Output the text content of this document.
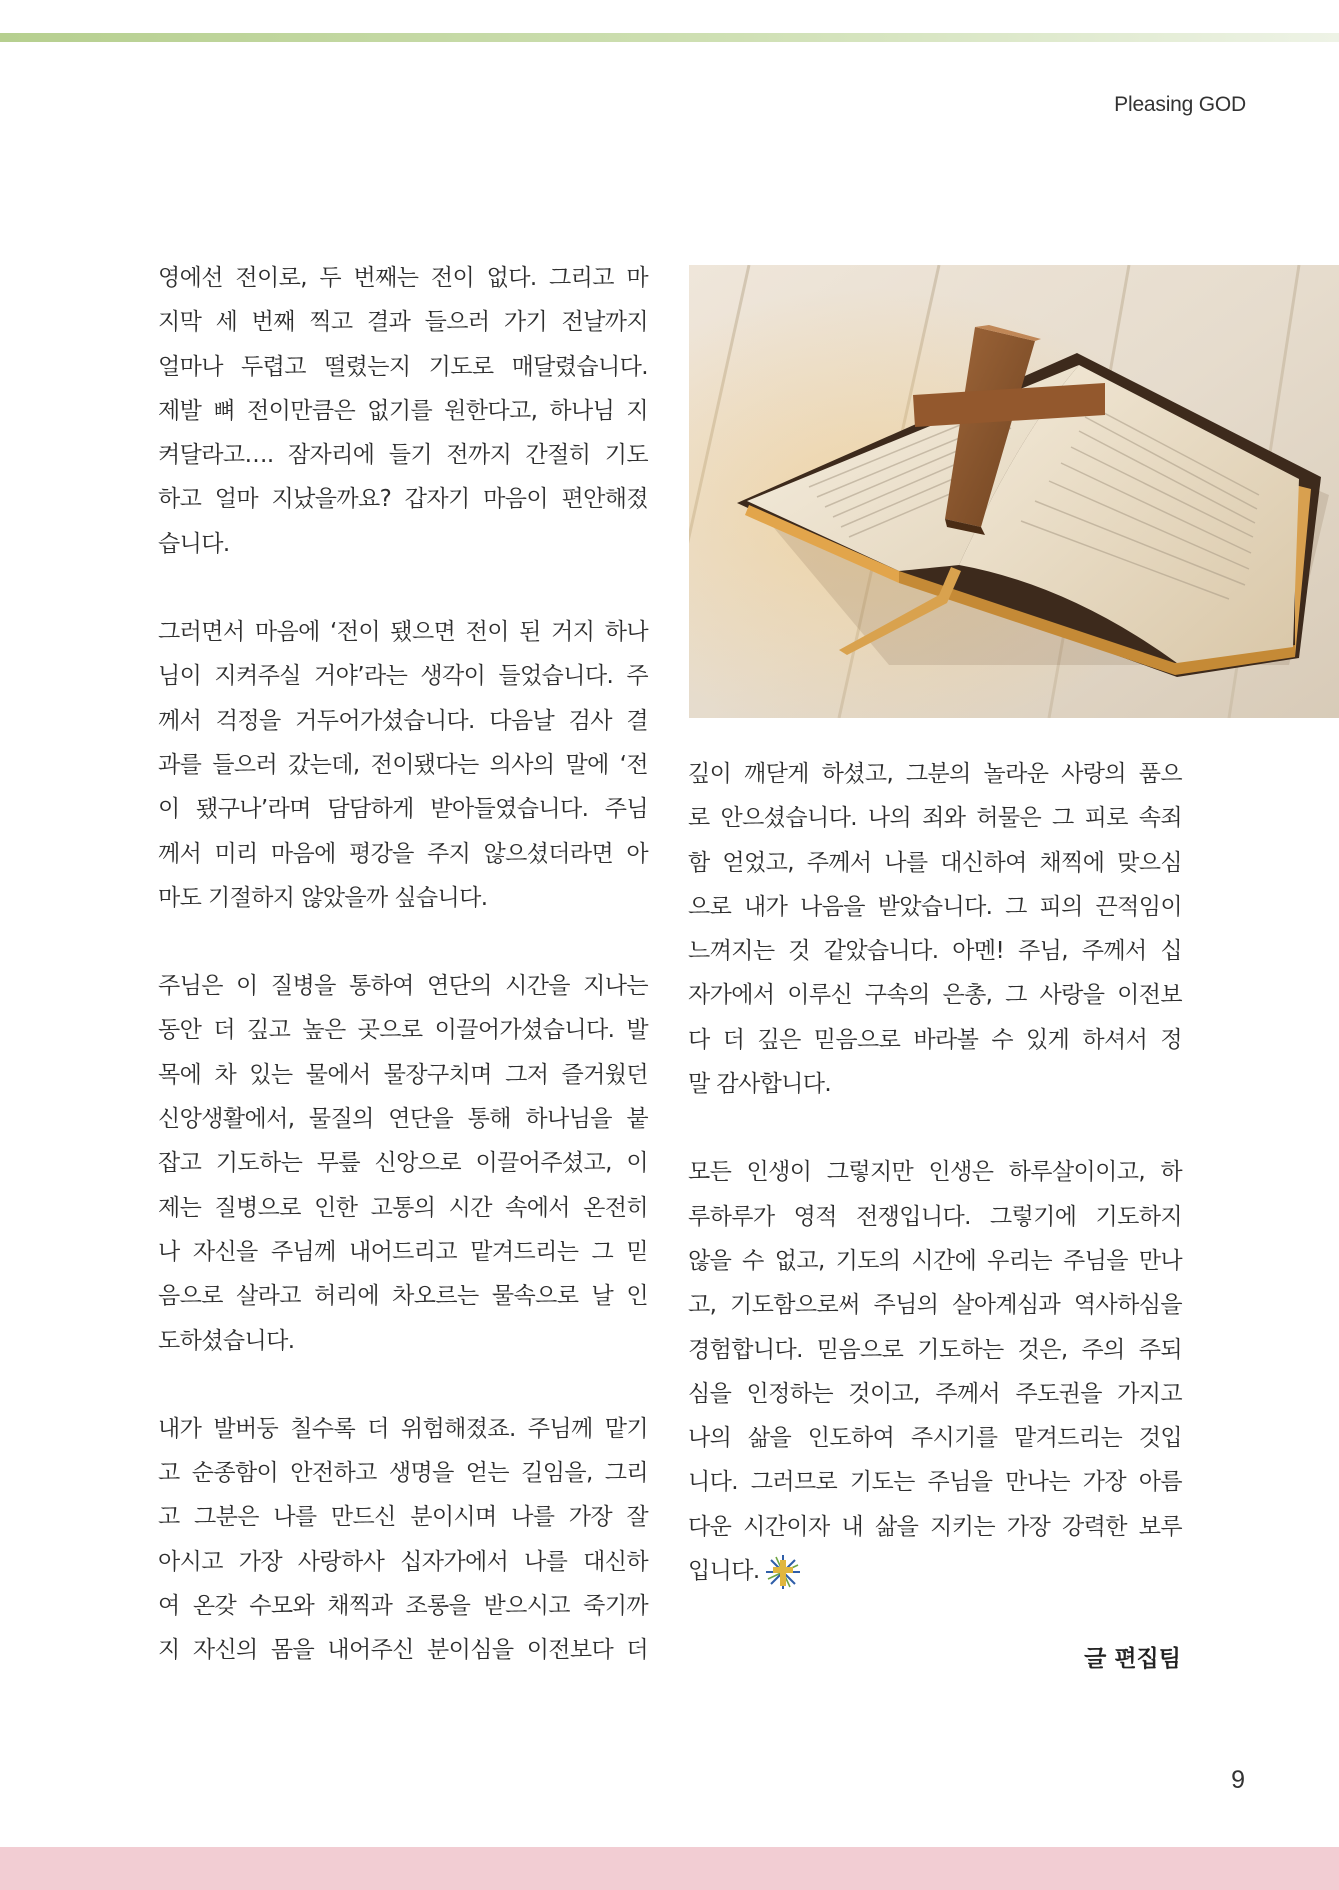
Pleasing GOD

영에선 전이로, 두 번째는 전이 없다. 그리고 마
지막 세 번째 찍고 결과 들으러 가기 전날까지
얼마나 두렵고 떨렸는지 기도로 매달렸습니다.
제발 뼈 전이만큼은 없기를 원한다고, 하나님 지
켜달라고…. 잠자리에 들기 전까지 간절히 기도
하고 얼마 지났을까요? 갑자기 마음이 편안해졌
습니다.

그러면서 마음에 ‘전이 됐으면 전이 된 거지 하나
님이 지켜주실 거야’라는 생각이 들었습니다. 주
께서 걱정을 거두어가셨습니다. 다음날 검사 결
과를 들으러 갔는데, 전이됐다는 의사의 말에 ‘전
이 됐구나’라며 담담하게 받아들였습니다. 주님
께서 미리 마음에 평강을 주지 않으셨더라면 아
마도 기절하지 않았을까 싶습니다.

주님은 이 질병을 통하여 연단의 시간을 지나는
동안 더 깊고 높은 곳으로 이끌어가셨습니다. 발
목에 차 있는 물에서 물장구치며 그저 즐거웠던
신앙생활에서, 물질의 연단을 통해 하나님을 붙
잡고 기도하는 무릎 신앙으로 이끌어주셨고, 이
제는 질병으로 인한 고통의 시간 속에서 온전히
나 자신을 주님께 내어드리고 맡겨드리는 그 믿
음으로 살라고 허리에 차오르는 물속으로 날 인
도하셨습니다.

내가 발버둥 칠수록 더 위험해졌죠. 주님께 맡기
고 순종함이 안전하고 생명을 얻는 길임을, 그리
고 그분은 나를 만드신 분이시며 나를 가장 잘
아시고 가장 사랑하사 십자가에서 나를 대신하
여 온갖 수모와 채찍과 조롱을 받으시고 죽기까
지 자신의 몸을 내어주신 분이심을 이전보다 더

깊이 깨닫게 하셨고, 그분의 놀라운 사랑의 품으
로 안으셨습니다. 나의 죄와 허물은 그 피로 속죄
함 얻었고, 주께서 나를 대신하여 채찍에 맞으심
으로 내가 나음을 받았습니다. 그 피의 끈적임이
느껴지는 것 같았습니다. 아멘! 주님, 주께서 십
자가에서 이루신 구속의 은총, 그 사랑을 이전보
다 더 깊은 믿음으로 바라볼 수 있게 하셔서 정
말 감사합니다.

모든 인생이 그렇지만 인생은 하루살이이고, 하
루하루가 영적 전쟁입니다. 그렇기에 기도하지
않을 수 없고, 기도의 시간에 우리는 주님을 만나
고, 기도함으로써 주님의 살아계심과 역사하심을
경험합니다. 믿음으로 기도하는 것은, 주의 주되
심을 인정하는 것이고, 주께서 주도권을 가지고
나의 삶을 인도하여 주시기를 맡겨드리는 것입
니다. 그러므로 기도는 주님을 만나는 가장 아름
다운 시간이자 내 삶을 지키는 가장 강력한 보루
입니다.

글 편집팀
9
